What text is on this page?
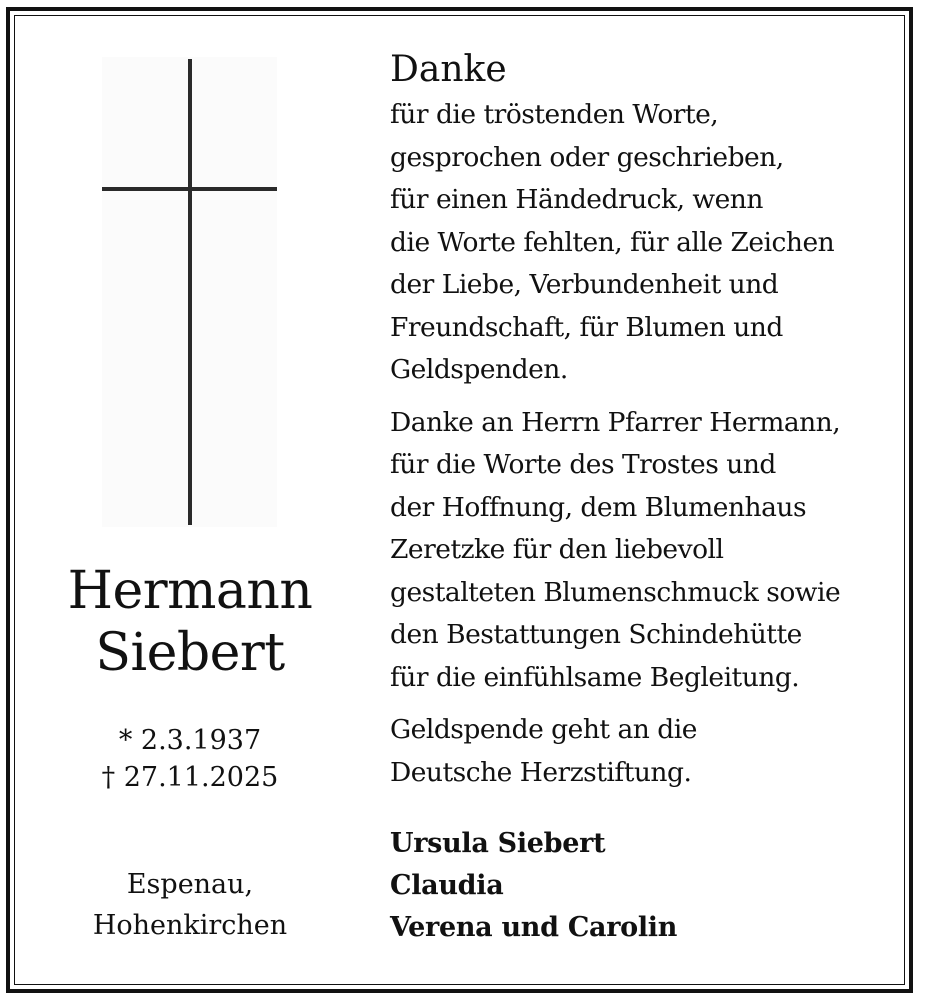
Hermann
Siebert
* 2.3.1937
† 27.11.2025
Espenau,
Hohenkirchen
Danke

für die tröstenden Worte,
gesprochen oder geschrieben,
für einen Händedruck, wenn
die Worte fehlten, für alle Zeichen
der Liebe, Verbundenheit und
Freundschaft, für Blumen und
Geldspenden.

Danke an Herrn Pfarrer Hermann,
für die Worte des Trostes und
der Hoffnung, dem Blumenhaus
Zeretzke für den liebevoll
gestalteten Blumenschmuck sowie
den Bestattungen Schindehütte
für die einfühlsame Begleitung.

Geldspende geht an die
Deutsche Herzstiftung.

Ursula Siebert
Claudia
Verena und Carolin
